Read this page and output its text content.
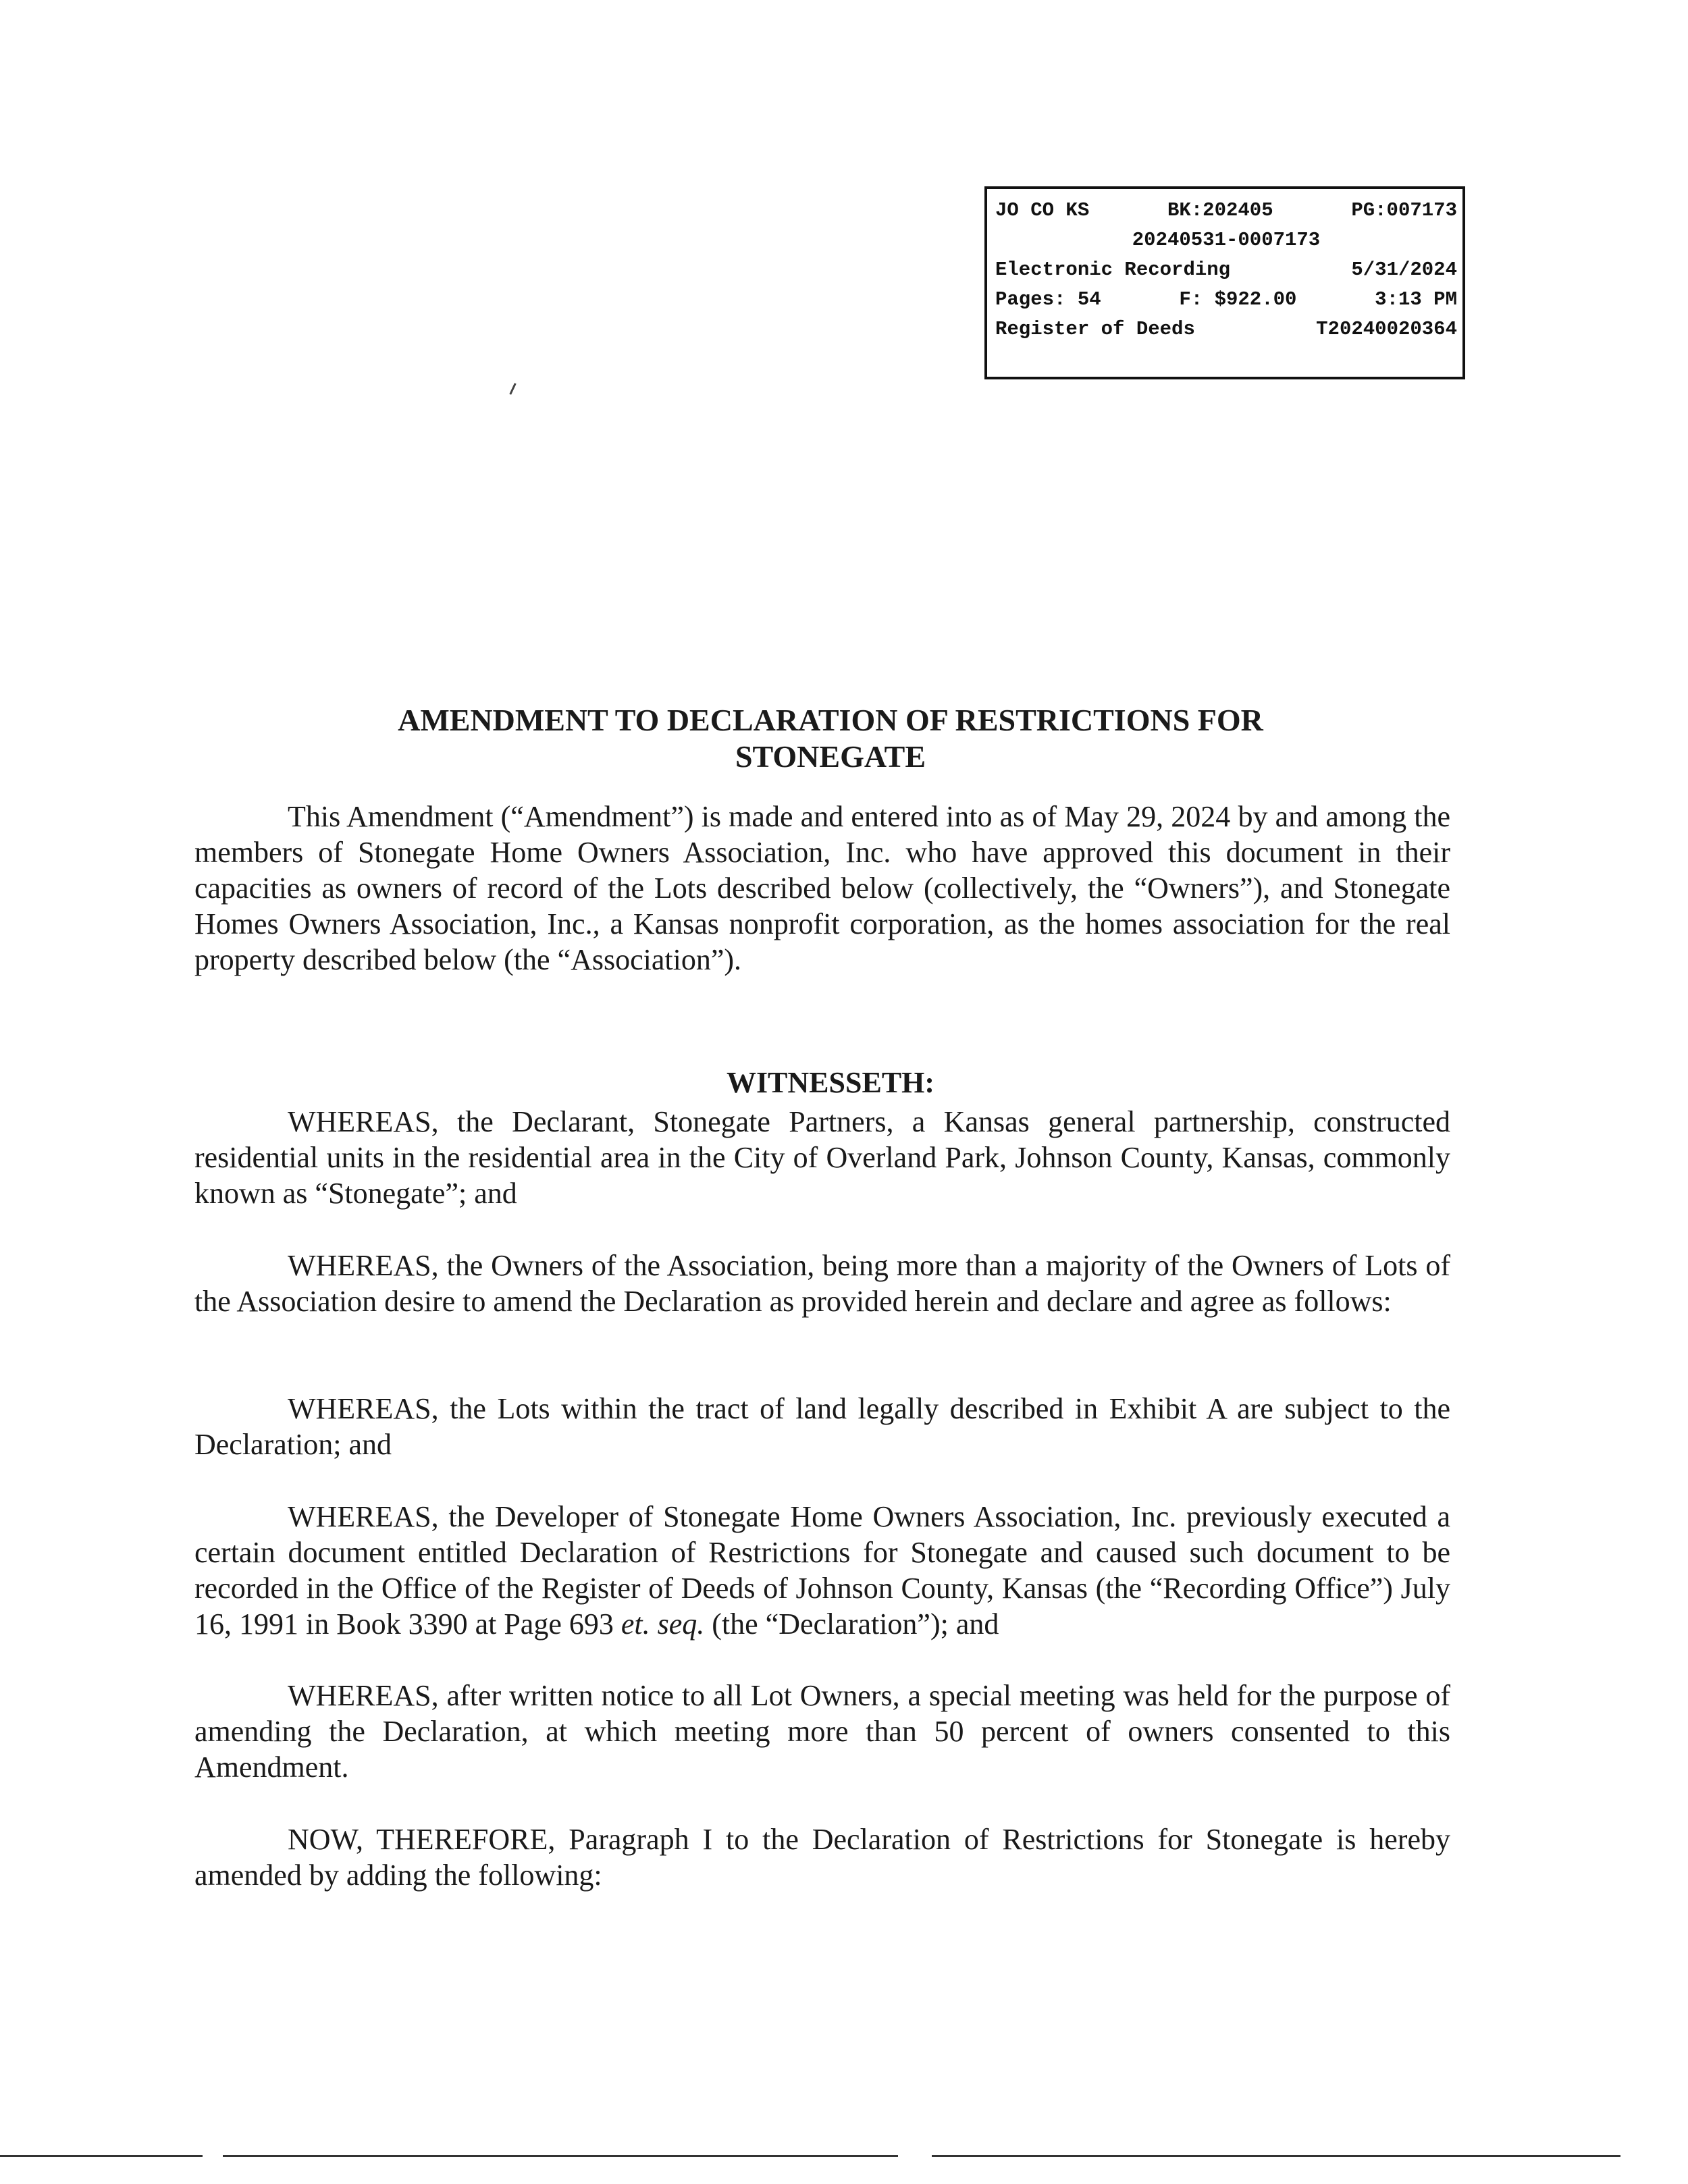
JO CO KS	BK:202405	PG:007173
20240531-0007173
Electronic Recording	5/31/2024
Pages: 54	F: $922.00	3:13 PM
Register of Deeds	T20240020364
AMENDMENT TO DECLARATION OF RESTRICTIONS FOR
STONEGATE

This Amendment (“Amendment”) is made and entered into as of May 29, 2024 by and among the members of Stonegate Home Owners Association, Inc. who have approved this document in their capacities as owners of record of the Lots described below (collectively, the “Owners”), and Stonegate Homes Owners Association, Inc., a Kansas nonprofit corporation, as the homes association for the real property described below (the “Association”).

WITNESSETH:

WHEREAS, the Declarant, Stonegate Partners, a Kansas general partnership, constructed residential units in the residential area in the City of Overland Park, Johnson County, Kansas, commonly known as “Stonegate”; and

WHEREAS, the Owners of the Association, being more than a majority of the Owners of Lots of the Association desire to amend the Declaration as provided herein and declare and agree as follows:

WHEREAS, the Lots within the tract of land legally described in Exhibit A are subject to the Declaration; and

WHEREAS, the Developer of Stonegate Home Owners Association, Inc. previously executed a certain document entitled Declaration of Restrictions for Stonegate and caused such document to be recorded in the Office of the Register of Deeds of Johnson County, Kansas (the “Recording Office”) July 16, 1991 in Book 3390 at Page 693 et. seq. (the “Declaration”); and

WHEREAS, after written notice to all Lot Owners, a special meeting was held for the purpose of amending the Declaration, at which meeting more than 50 percent of owners consented to this Amendment.

NOW, THEREFORE, Paragraph I to the Declaration of Restrictions for Stonegate is hereby amended by adding the following:
